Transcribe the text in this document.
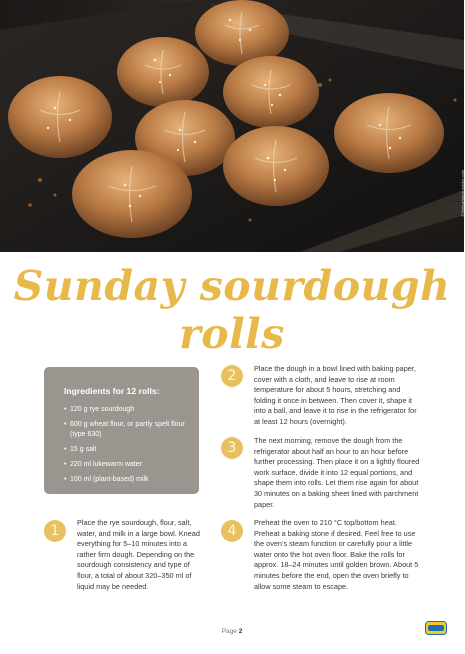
© Bebuz/stock.adobe.com
Sunday sourdough rolls
Ingredients for 12 rolls:
• 120 g rye sourdough
• 600 g wheat flour, or partly spelt flour (type 630)
• 15 g salt
• 220 ml lukewarm water
• 100 ml (plant-based) milk
1

Place the rye sourdough, flour, salt, water, and milk in a large bowl. Knead everything for 5–10 minutes into a rather firm dough. Depending on the sourdough consistency and type of flour, a total of about 320–350 ml of liquid may be needed.

2	Place the dough in a bowl lined with baking paper, cover with a cloth, and leave to rise at room temperature for about 5 hours, stretching and folding it once in between. Then cover it, shape it into a ball, and leave it to rise in the refrigerator for at least 12 hours (overnight).

3	The next morning, remove the dough from the refrigerator about half an hour to an hour before further processing. Then place it on a lightly floured work surface, divide it into 12 equal portions, and shape them into rolls. Let them rise again for about 30 minutes on a baking sheet lined with parchment paper.

4

Preheat the oven to 210 °C top/bottom heat. Preheat a baking stone if desired. Feel free to use the oven’s steam function or carefully pour a little water onto the hot oven floor. Bake the rolls for approx. 18–24 minutes until golden brown. About 5 minutes before the end, open the oven briefly to allow some steam to escape.

Page 2
